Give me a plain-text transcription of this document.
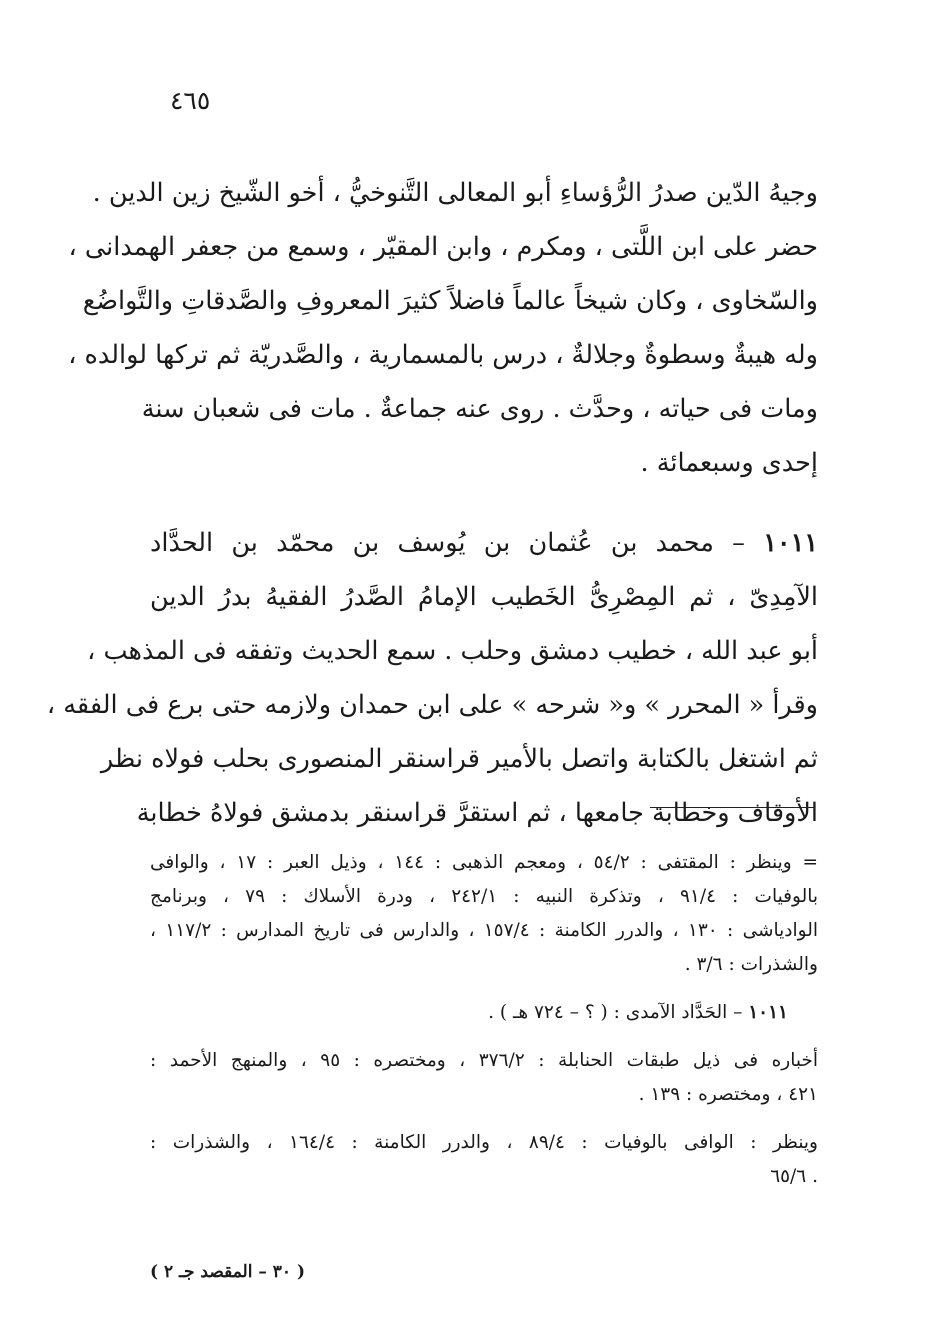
٤٦٥
وجيهُ الدّين صدرُ الرُّؤساءِ أبو المعالى التَّنوخيُّ ، أخو الشّيخ زين الدين .
حضر على ابن اللَّتى ، ومكرم ، وابن المقيّر ، وسمع من جعفر الهمدانى ،
والسّخاوى ، وكان شيخاً عالماً فاضلاً كثيرَ المعروفِ والصَّدقاتِ والتَّواضُع
وله هيبةٌ وسطوةٌ وجلالةٌ ، درس بالمسمارية ، والصَّدريّة ثم تركها لوالده ،
ومات فى حياته ، وحدَّث . روى عنه جماعةٌ . مات فى شعبان سنة
إحدى وسبعمائة .
١٠١١ – محمد بن عُثمان بن يُوسف بن محمّد بن الحدَّاد
الآمِدِىّ ، ثم المِصْرِىُّ الخَطيب الإمامُ الصَّدرُ الفقيهُ بدرُ الدين
أبو عبد الله ، خطيب دمشق وحلب . سمع الحديث وتفقه فى المذهب ،
وقرأ « المحرر » و« شرحه » على ابن حمدان ولازمه حتى برع فى الفقه ،
ثم اشتغل بالكتابة واتصل بالأمير قراسنقر المنصورى بحلب فولاه نظر
الأوقاف وخطابة جامعها ، ثم استقرَّ قراسنقر بدمشق فولاهُ خطابة
= وينظر : المقتفى : ٥٤/٢ ، ومعجم الذهبى : ١٤٤ ، وذيل العبر : ١٧ ، والوافى
بالوفيات : ٩١/٤ ، وتذكرة النبيه : ٢٤٢/١ ، ودرة الأسلاك : ٧٩ ، وبرنامج
الوادياشى : ١٣٠ ، والدرر الكامنة : ١٥٧/٤ ، والدارس فى تاريخ المدارس : ١١٧/٢ ،
والشذرات : ٣/٦ .
١٠١١ – الحَدَّاد الآمدى : ( ؟ – ٧٢٤ هـ ) .
أخباره فى ذيل طبقات الحنابلة : ٣٧٦/٢ ، ومختصره : ٩٥ ، والمنهج الأحمد :
٤٢١ ، ومختصره : ١٣٩ .
وينظر : الوافى بالوفيات : ٨٩/٤ ، والدرر الكامنة : ١٦٤/٤ ، والشذرات :
. ٦٥/٦
( ٣٠ – المقصد جـ ٢ )
